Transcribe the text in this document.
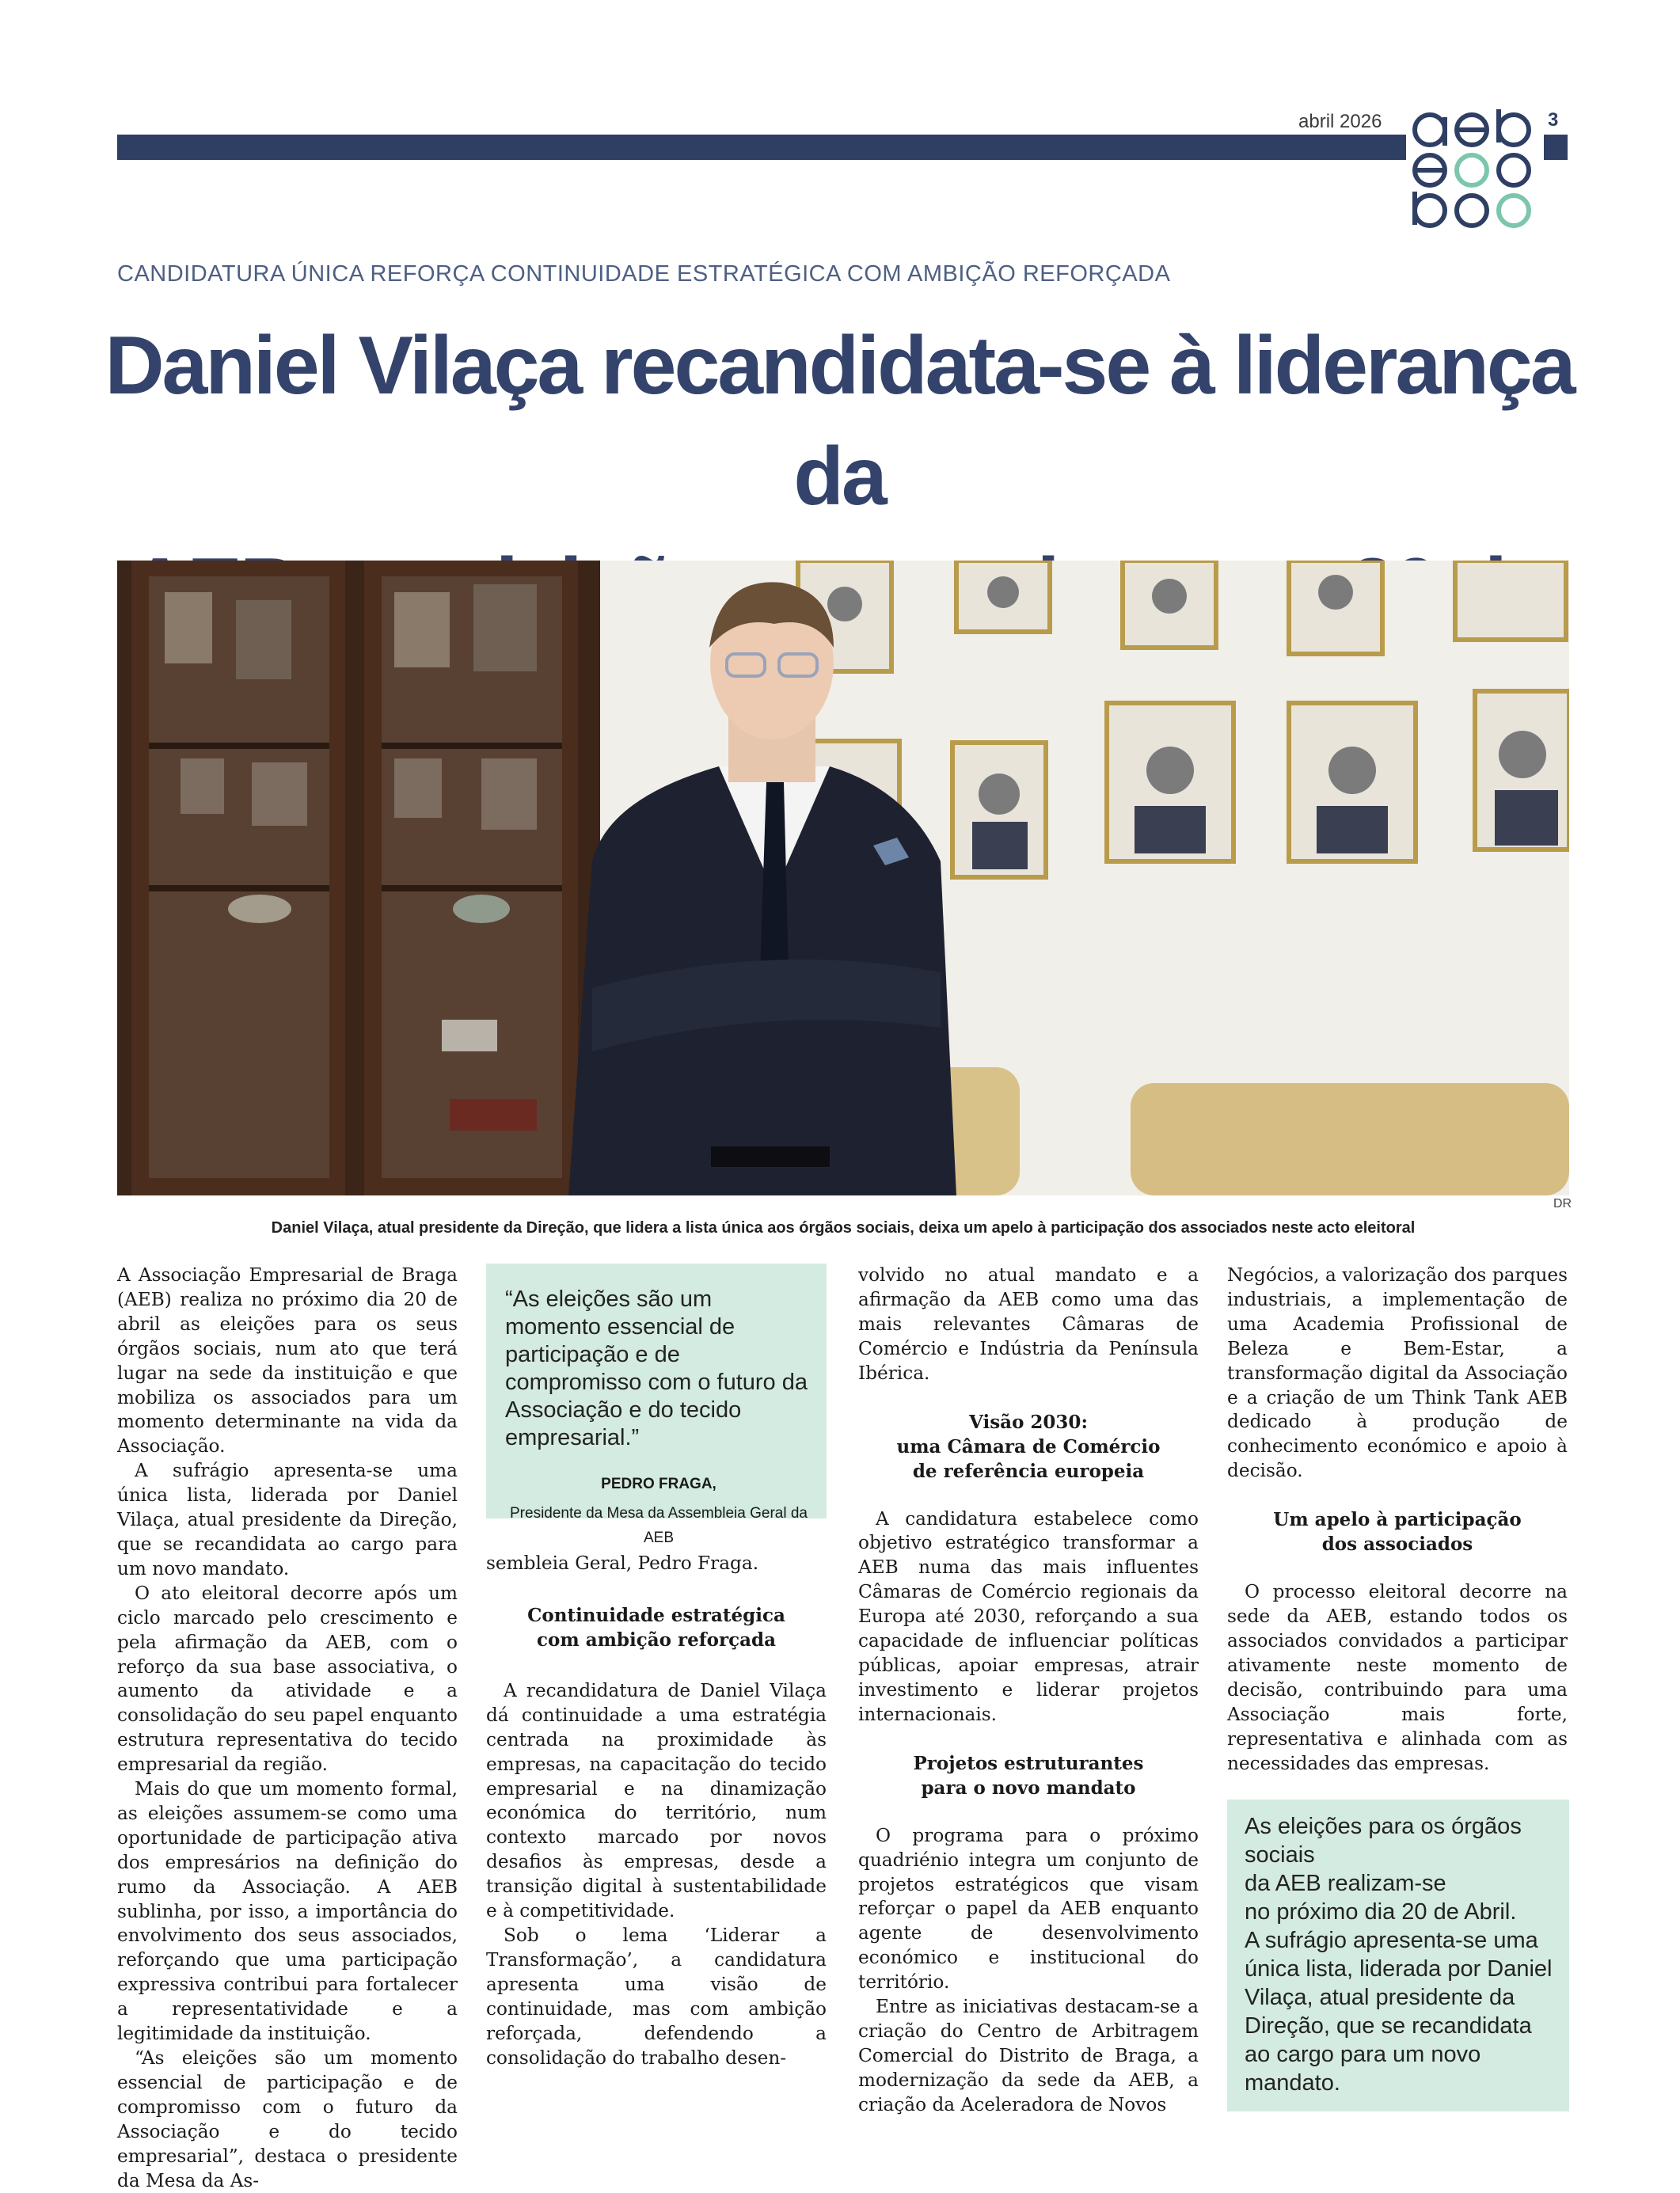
abril 2026	3
CANDIDATURA ÚNICA REFORÇA CONTINUIDADE ESTRATÉGICA COM AMBIÇÃO REFORÇADA
Daniel Vilaça recandidata-se à liderança da

DR
Daniel Vilaça, atual presidente da Direção, que lidera a lista única aos órgãos sociais, deixa um apelo à participação dos associados neste acto eleitoral

A Associação Empresarial de Braga (AEB) realiza no próximo dia 20 de abril as eleições para os seus órgãos sociais, num ato que terá lugar na sede da instituição e que mobiliza os associados para um momento determinante na vida da Associação.

A sufrágio apresenta-se uma única lista, liderada por Daniel Vilaça, atual presidente da Direção, que se recandidata ao cargo para um novo mandato.

O ato eleitoral decorre após um ciclo marcado pelo crescimento e pela afirmação da AEB, com o reforço da sua base associativa, o aumento da atividade e a consolidação do seu papel enquanto estrutura representativa do tecido empresarial da região.

Mais do que um momento formal, as eleições assumem-se como uma oportunidade de participação ativa dos empresários na definição do rumo da Associação. A AEB sublinha, por isso, a importância do envolvimento dos seus associados, reforçando que uma participação expressiva contribui para fortalecer a representatividade e a legitimidade da instituição.

“As eleições são um momento essencial de participação e de compromisso com o futuro da Associação e do tecido empresarial”, destaca o presidente da Mesa da As-

“As eleições são um momento essencial de participação e de compromisso com o futuro da Associação e do tecido empresarial.”

PEDRO FRAGA,
Presidente da Mesa da Assembleia Geral da AEB

sembleia Geral, Pedro Fraga.

Continuidade estratégica
com ambição reforçada

A recandidatura de Daniel Vilaça dá continuidade a uma estratégia centrada na proximidade às empresas, na capacitação do tecido empresarial e na dinamização económica do território, num contexto marcado por novos desafios às empresas, desde a transição digital à sustentabilidade e à competitividade.

Sob o lema ‘Liderar a Transformação’, a candidatura apresenta uma visão de continuidade, mas com ambição reforçada, defendendo a consolidação do trabalho desen-

volvido no atual mandato e a afirmação da AEB como uma das mais relevantes Câmaras de Comércio e Indústria da Península Ibérica.

Visão 2030:
uma Câmara de Comércio
de referência europeia

A candidatura estabelece como objetivo estratégico transformar a AEB numa das mais influentes Câmaras de Comércio regionais da Europa até 2030, reforçando a sua capacidade de influenciar políticas públicas, apoiar empresas, atrair investimento e liderar projetos internacionais.

Projetos estruturantes
para o novo mandato

O programa para o próximo quadriénio integra um conjunto de projetos estratégicos que visam reforçar o papel da AEB enquanto agente de desenvolvimento económico e institucional do território.

Entre as iniciativas destacam-se a criação do Centro de Arbitragem Comercial do Distrito de Braga, a modernização da sede da AEB, a criação da Aceleradora de Novos

Negócios, a valorização dos parques industriais, a implementação de uma Academia Profissional de Beleza e Bem-Estar, a transformação digital da Associação e a criação de um Think Tank AEB dedicado à produção de conhecimento económico e apoio à decisão.

Um apelo à participação
dos associados

O processo eleitoral decorre na sede da AEB, estando todos os associados convidados a participar ativamente neste momento de decisão, contribuindo para uma Associação mais forte, representativa e alinhada com as necessidades das empresas.

As eleições para os órgãos sociais
da AEB realizam-se
no próximo dia 20 de Abril.
A sufrágio apresenta-se uma única lista, liderada por Daniel Vilaça, atual presidente da Direção, que se recandidata ao cargo para um novo mandato.
